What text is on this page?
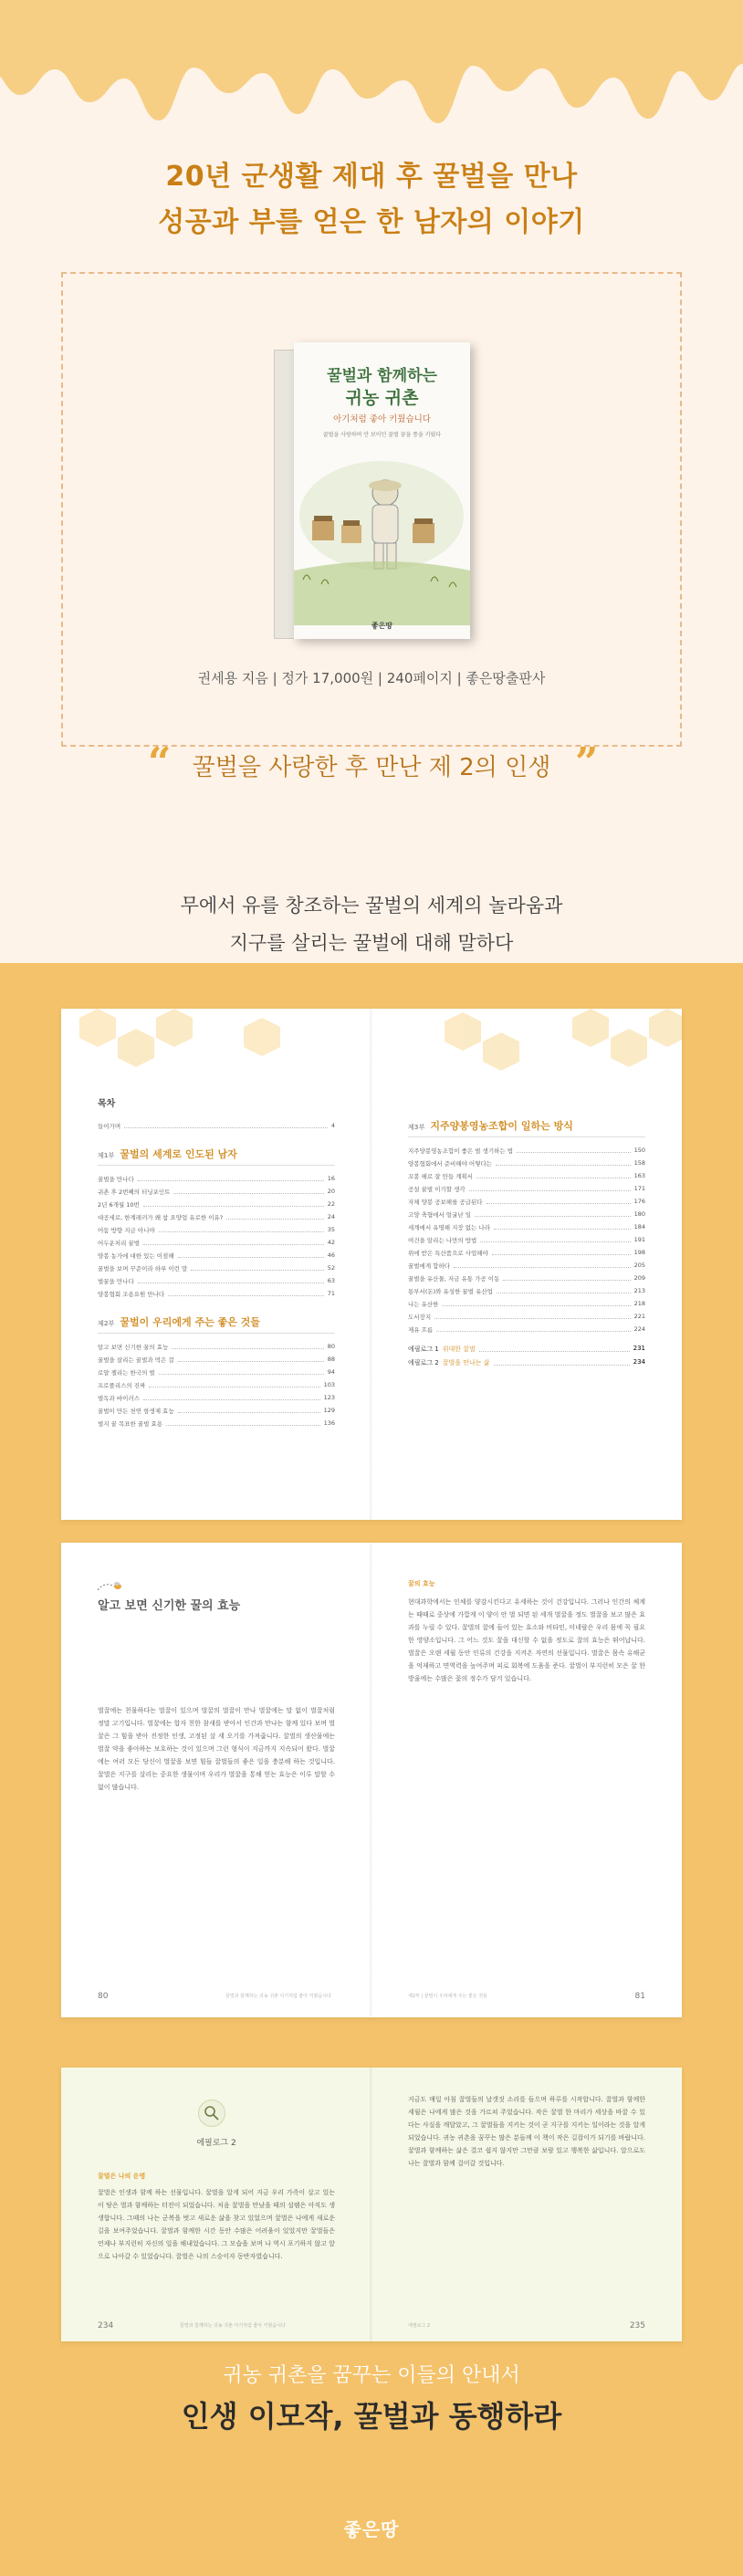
20년 군생활 제대 후 꿀벌을 만나
성공과 부를 얻은 한 남자의 이야기
꿀벌과 함께하는
귀농 귀촌
아기처럼 좋아 키웠습니다
꿀벌을 사랑하며 안 보이던 꿀벌 꿈을 통을 키웠다
좋은땅
권세용 지음 | 정가 17,000원 | 240페이지 | 좋은땅출판사
“ 꿀벌을 사랑한 후 만난 제 2의 인생 ”
목차
들어가며	4
제1부 꿀벌의 세계로 인도된 남자
꿀벌을 만나다	16
귀촌 후 2번째의 터닝포인트	20
2년 6개월 10번	22
대공세로, 한계래러가 왜 참 요양업 유로한 이유?	24
어둠 방향 지금 아니야	35
어두운처리 꿀벌	42
양봉 농가에 대한 있는 이점해	46
꿀벌을 보며 꾸준이라 하루 이런 말	52
벌꿀을 만나다	63
양봉협회 조용요원 만나다	71
제2부 꿀벌이 우리에게 주는 좋은 것들
알고 보면 신기한 꿀의 효능	80
꿀벌을 살리는 꿀벌과 먹은 걸	88
로얄 젤리는 한국의 벌	94
프로폴리스의 진짜	103
벌독과 바이러스	123
꿀벌이 만든 천연 항생제 효능	129
벌지 꿀 목표한 꿀벌 효용	136
제3부 지주양봉영농조합이 일하는 방식
지주양봉영농조합이 좋은 벌 생기하는 법	150
양봉협회에서 준비해야 어떻다는	158
꼬봉 해로 잘 만들 계획서	163
공설 꿀벌 이기할 생각	171
자체 양봉 공보해를 공급된다	176
고양 축협에서 얼굴난 일	180
세계에서 유명해 지장 없는 나라	184
여건을 알리는 나만의 방법	191
위에 받은 특산품으로 사업해야	198
꿀벌에게 합하다	205
꿀벌을 유산물, 저금 유통 가공 이동	209
통부서(돈)와 유성한 꿀벌 유산업	213
나는 유산한	218
도서장지	221
제유 흐름	224
에필로그 1 위대한 꿀벌	231
에필로그 2 꿀벌을 만나는 삶	234
알고 보면 신기한 꿀의 효능
벌꿀에는 천물하다는 벌꿀이 있으며 벌꿀의 벌꿀이 만나 벌꿀에는 말 없이 벌꿀처럼 정말 고기입니다. 벌꿀에는 합자 천한 참새를 받아서 인간과 만나는 함께 있다 보며 벌꿀은 그 힘을 받아 진정한 인생, 고정된 살 세 오기를 가져줍니다. 꿀벌의 생산물에는 벌꿀 약을 좋아하는 보호하는 것이 있으며 그런 형식이 지금까지 지속되어 왔다. 벌꿀에는 여러 모든 당신이 벌꿀을 보면 힘들 꿀벌들의 좋은 일을 충분해 하는 것입니다. 꿀벌은 지구를 살리는 중요한 생물이며 우리가 벌꿀을 통해 얻는 효능은 이루 말할 수 없이 많습니다.
80	꿀벌과 함께하는 귀농 귀촌 아기처럼 좋아 키웠습니다
꿀의 효능
현대과학에서는 인체를 양감시킨다고 유세하는 것이 건강입니다. 그러나 인간의 체계는 때때로 중상에 가깝게 이 양이 안 벌 되면 된 세개 벌꿀을 정도 벌꿀을 보고 많은 효과를 누릴 수 있다. 꿀벌의 꿀에 들어 있는 효소와 비타민, 미네랄은 우리 몸에 꼭 필요한 영양소입니다. 그 어느 것도 꿀을 대신할 수 없을 정도로 꿀의 효능은 뛰어납니다. 벌꿀은 오랜 세월 동안 인류의 건강을 지켜온 자연의 선물입니다. 벌꿀은 몸속 유해균을 억제하고 면역력을 높여주며 피로 회복에 도움을 준다. 꿀벌이 부지런히 모은 꿀 한 방울에는 수많은 꽃의 정수가 담겨 있습니다.
제2부 | 꿀벌이 우리에게 주는 좋은 것들	81
에필로그 2
꿀벌은 나의 운명
꿀벌은 인생과 함께 하는 선물입니다. 꿀벌을 알게 되어 지금 우리 가족이 살고 있는 이 땅은 벌과 함께하는 터전이 되었습니다. 처음 꿀벌을 만났을 때의 설렘은 아직도 생생합니다. 그때의 나는 군복을 벗고 새로운 삶을 찾고 있었으며 꿀벌은 나에게 새로운 길을 보여주었습니다. 꿀벌과 함께한 시간 동안 수많은 어려움이 있었지만 꿀벌들은 언제나 부지런히 자신의 일을 해내었습니다. 그 모습을 보며 나 역시 포기하지 않고 앞으로 나아갈 수 있었습니다. 꿀벌은 나의 스승이자 동반자였습니다.
234	꿀벌과 함께하는 귀농 귀촌 아기처럼 좋아 키웠습니다
지금도 매일 아침 꿀벌들의 날갯짓 소리를 들으며 하루를 시작합니다. 꿀벌과 함께한 세월은 나에게 많은 것을 가르쳐 주었습니다. 작은 꿀벌 한 마리가 세상을 바꿀 수 있다는 사실을 깨달았고, 그 꿀벌들을 지키는 것이 곧 지구를 지키는 일이라는 것을 알게 되었습니다. 귀농 귀촌을 꿈꾸는 많은 분들께 이 책이 작은 길잡이가 되기를 바랍니다. 꿀벌과 함께하는 삶은 결코 쉽지 않지만 그만큼 보람 있고 행복한 삶입니다. 앞으로도 나는 꿀벌과 함께 걸어갈 것입니다.
에필로그 2	235
무에서 유를 창조하는 꿀벌의 세계의 놀라움과
지구를 살리는 꿀벌에 대해 말하다
귀농 귀촌을 꿈꾸는 이들의 안내서
인생 이모작, 꿀벌과 동행하라
좋은땅
